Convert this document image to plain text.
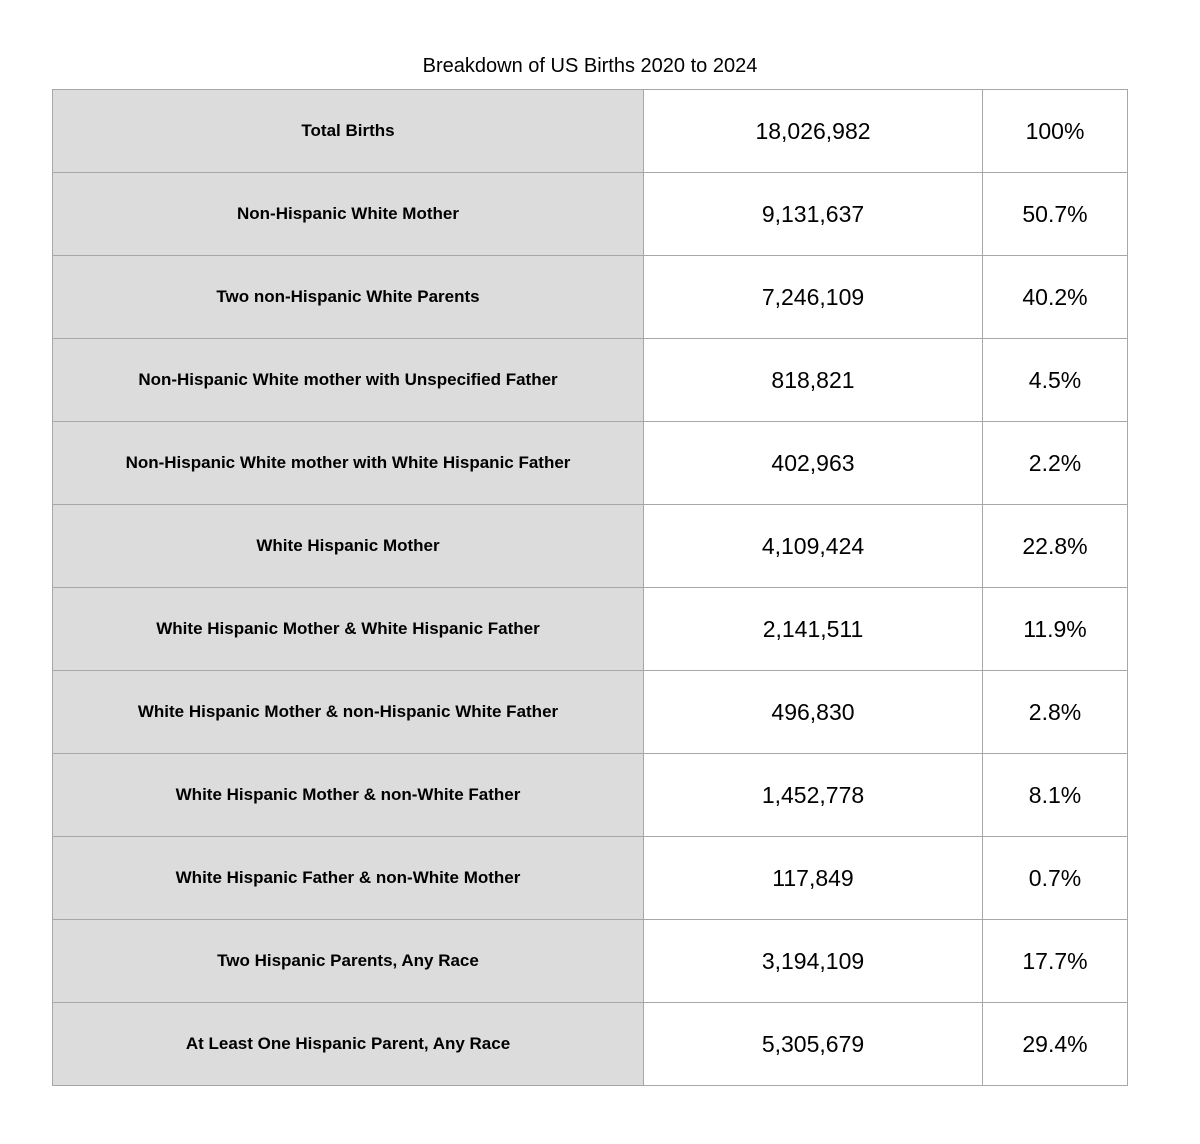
Breakdown of US Births 2020 to 2024
Total Births	18,026,982	100%
Non-Hispanic White Mother	9,131,637	50.7%
Two non-Hispanic White Parents	7,246,109	40.2%
Non-Hispanic White mother with Unspecified Father	818,821	4.5%
Non-Hispanic White mother with White Hispanic Father	402,963	2.2%
White Hispanic Mother	4,109,424	22.8%
White Hispanic Mother & White Hispanic Father	2,141,511	11.9%
White Hispanic Mother & non-Hispanic White Father	496,830	2.8%
White Hispanic Mother & non-White Father	1,452,778	8.1%
White Hispanic Father & non-White Mother	117,849	0.7%
Two Hispanic Parents, Any Race	3,194,109	17.7%
At Least One Hispanic Parent, Any Race	5,305,679	29.4%
